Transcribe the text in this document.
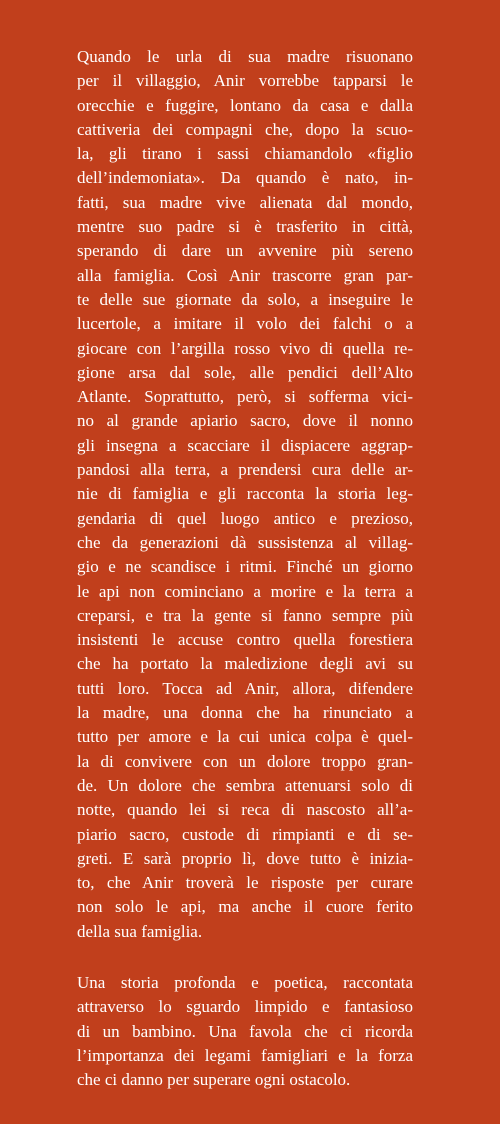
Quando le urla di sua madre risuonano
per il villaggio, Anir vorrebbe tapparsi le
orecchie e fuggire, lontano da casa e dalla
cattiveria dei compagni che, dopo la scuo-
la, gli tirano i sassi chiamandolo «figlio
dell’indemoniata». Da quando è nato, in-
fatti, sua madre vive alienata dal mondo,
mentre suo padre si è trasferito in città,
sperando di dare un avvenire più sereno
alla famiglia. Così Anir trascorre gran par-
te delle sue giornate da solo, a inseguire le
lucertole, a imitare il volo dei falchi o a
giocare con l’argilla rosso vivo di quella re-
gione arsa dal sole, alle pendici dell’Alto
Atlante. Soprattutto, però, si sofferma vici-
no al grande apiario sacro, dove il nonno
gli insegna a scacciare il dispiacere aggrap-
pandosi alla terra, a prendersi cura delle ar-
nie di famiglia e gli racconta la storia leg-
gendaria di quel luogo antico e prezioso,
che da generazioni dà sussistenza al villag-
gio e ne scandisce i ritmi. Finché un giorno
le api non cominciano a morire e la terra a
creparsi, e tra la gente si fanno sempre più
insistenti le accuse contro quella forestiera
che ha portato la maledizione degli avi su
tutti loro. Tocca ad Anir, allora, difendere
la madre, una donna che ha rinunciato a
tutto per amore e la cui unica colpa è quel-
la di convivere con un dolore troppo gran-
de. Un dolore che sembra attenuarsi solo di
notte, quando lei si reca di nascosto all’a-
piario sacro, custode di rimpianti e di se-
greti. E sarà proprio lì, dove tutto è inizia-
to, che Anir troverà le risposte per curare
non solo le api, ma anche il cuore ferito
della sua famiglia.
Una storia profonda e poetica, raccontata
attraverso lo sguardo limpido e fantasioso
di un bambino. Una favola che ci ricorda
l’importanza dei legami famigliari e la forza
che ci danno per superare ogni ostacolo.
